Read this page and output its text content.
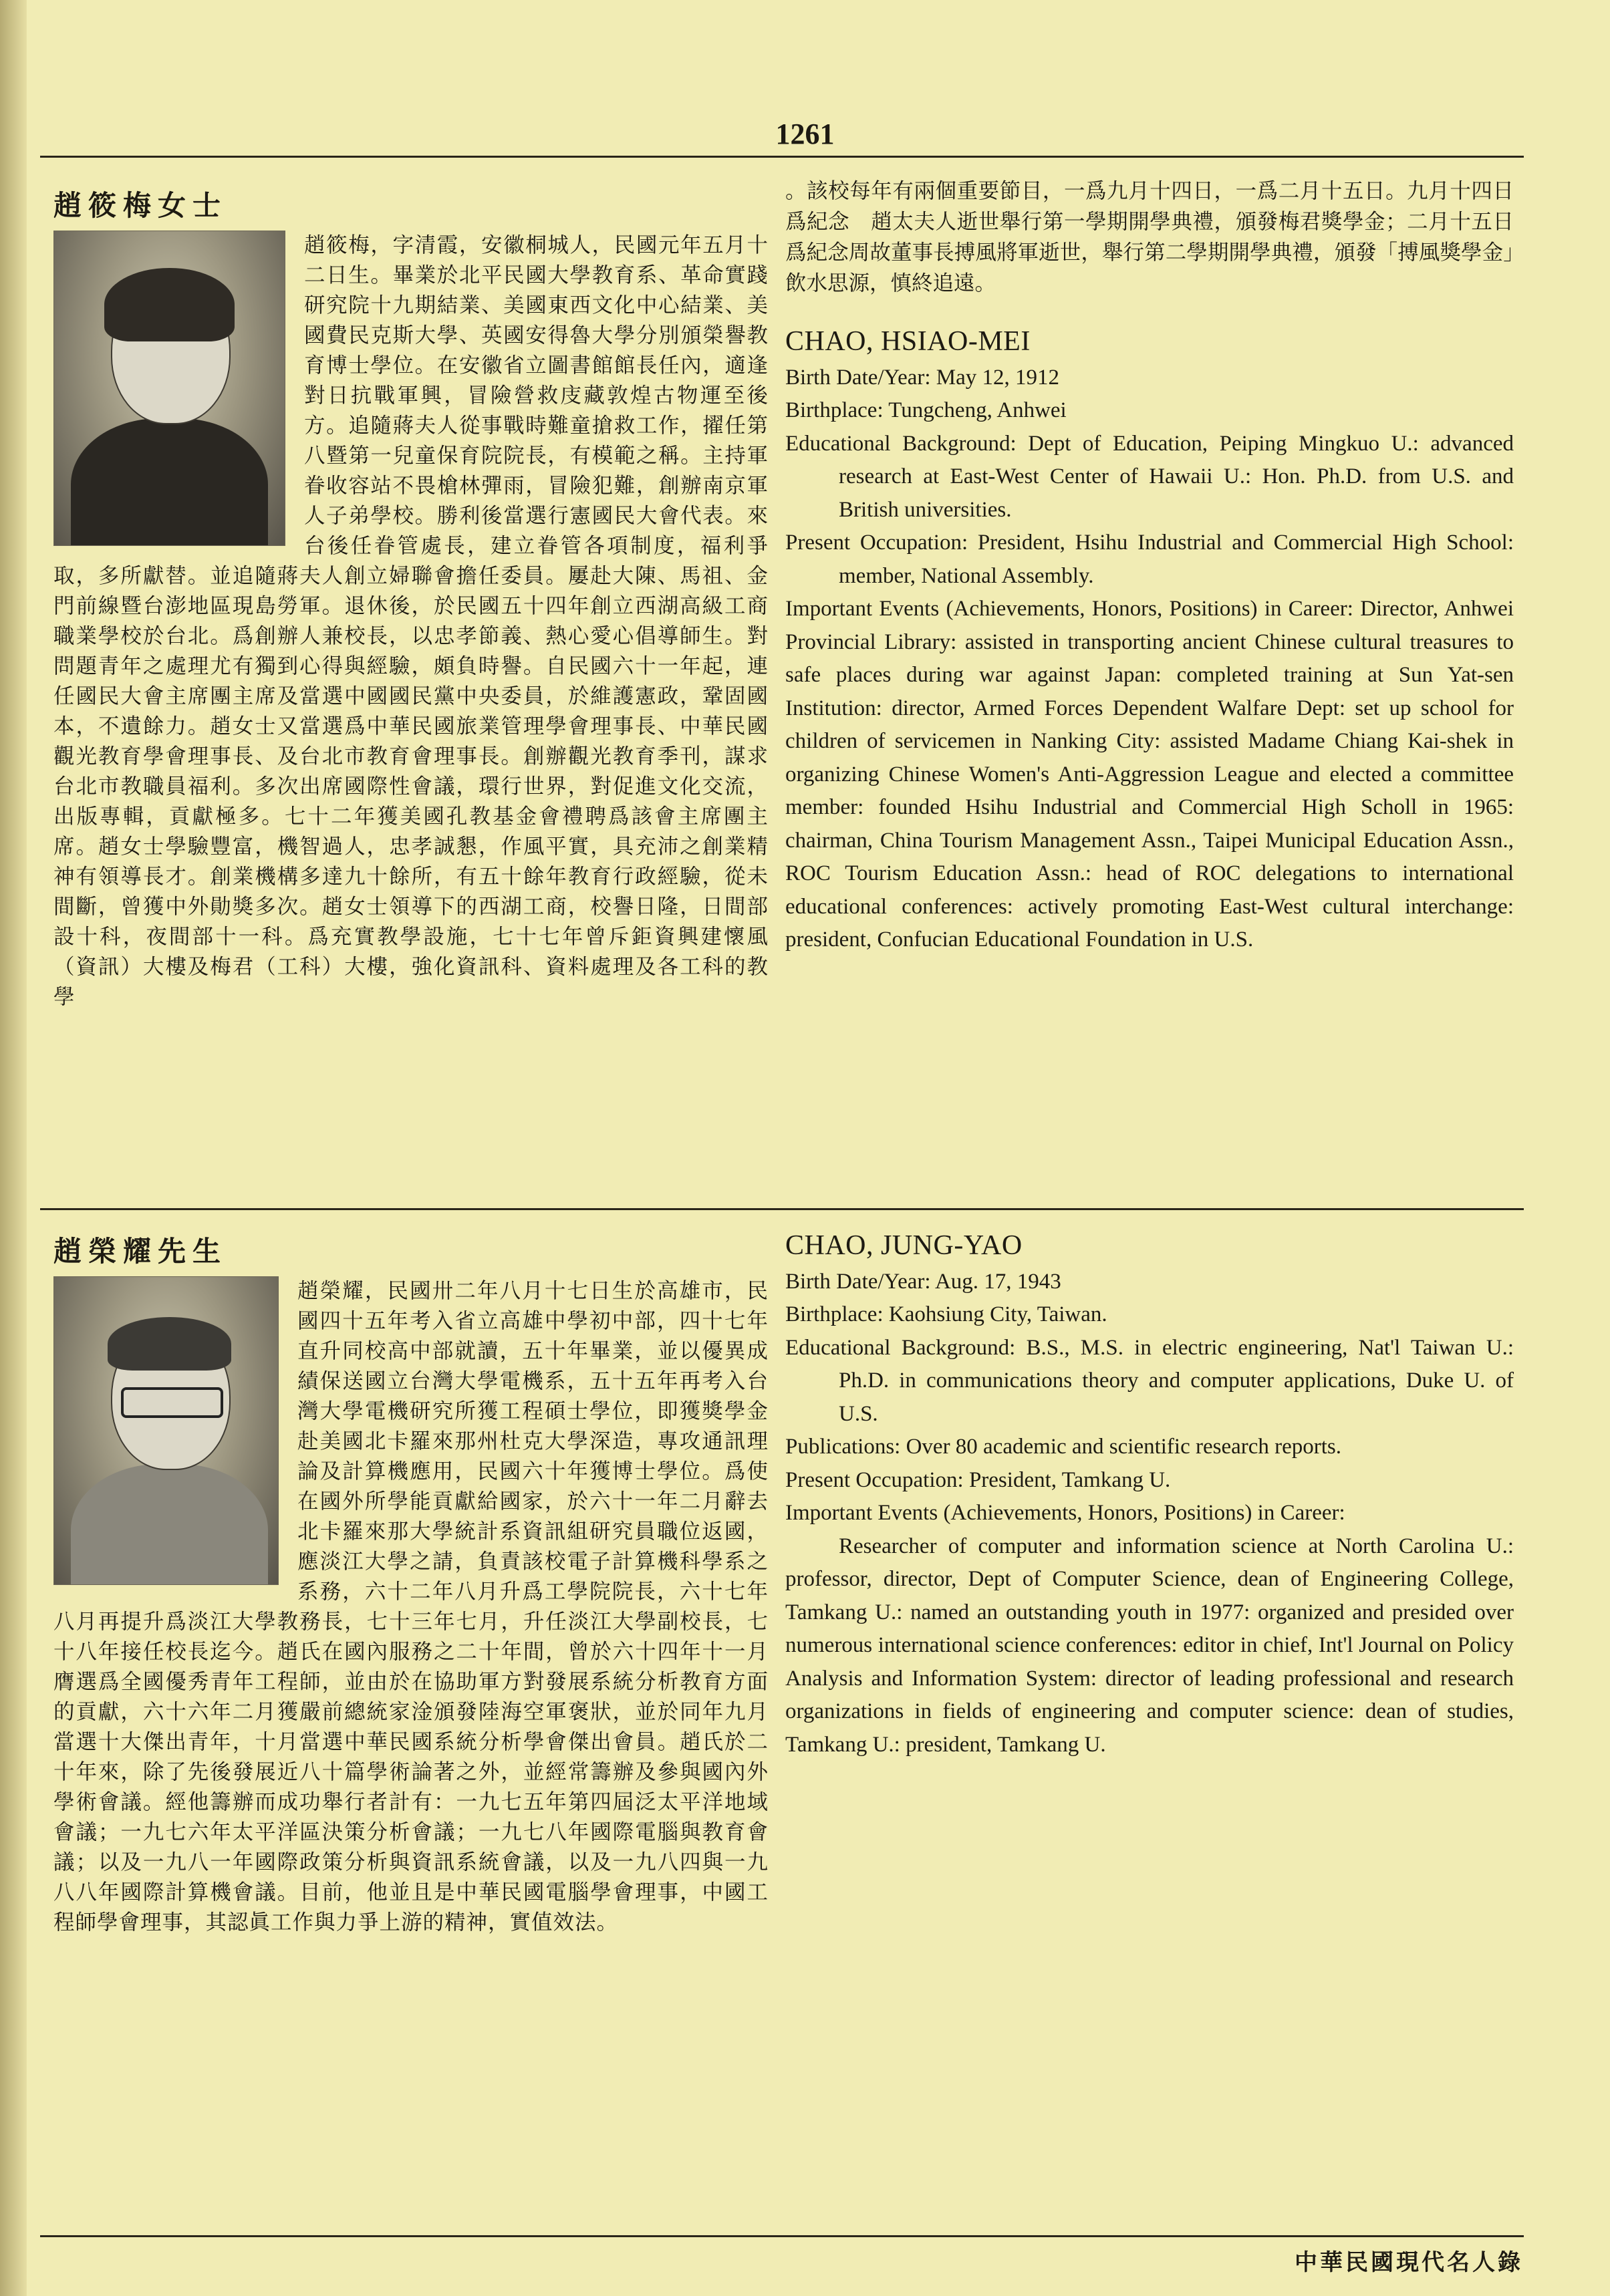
1261
趙筱梅女士

趙筱梅，字清霞，安徽桐城人，民國元年五月十二日生。畢業於北平民國大學教育系、革命實踐研究院十九期結業、美國東西文化中心結業、美國費民克斯大學、英國安得魯大學分別頒榮譽教育博士學位。在安徽省立圖書館館長任內，適逢對日抗戰軍興，冒險營救庋藏敦煌古物運至後方。追隨蔣夫人從事戰時難童搶救工作，擢任第八暨第一兒童保育院院長，有模範之稱。主持軍眷收容站不畏槍林彈雨，冒險犯難，創辦南京軍人子弟學校。勝利後當選行憲國民大會代表。來台後任眷管處長，建立眷管各項制度，福利爭取，多所獻替。並追隨蔣夫人創立婦聯會擔任委員。屢赴大陳、馬祖、金門前線暨台澎地區現島勞軍。退休後，於民國五十四年創立西湖高級工商職業學校於台北。爲創辦人兼校長，以忠孝節義、熱心愛心倡導師生。對問題青年之處理尤有獨到心得與經驗，頗負時譽。自民國六十一年起，連任國民大會主席團主席及當選中國國民黨中央委員，於維護憲政，鞏固國本，不遺餘力。趙女士又當選爲中華民國旅業管理學會理事長、中華民國觀光教育學會理事長、及台北市教育會理事長。創辦觀光教育季刊，謀求台北市教職員福利。多次出席國際性會議，環行世界，對促進文化交流，出版專輯，貢獻極多。七十二年獲美國孔教基金會禮聘爲該會主席團主席。趙女士學驗豐富，機智過人，忠孝誠懇，作風平實，具充沛之創業精神有領導長才。創業機構多達九十餘所，有五十餘年教育行政經驗，從未間斷，曾獲中外勛獎多次。趙女士領導下的西湖工商，校譽日隆，日間部設十科，夜間部十一科。爲充實教學設施，七十七年曾斥鉅資興建懷風（資訊）大樓及梅君（工科）大樓，強化資訊科、資料處理及各工科的教學

。該校每年有兩個重要節目，一爲九月十四日，一爲二月十五日。九月十四日爲紀念　趙太夫人逝世舉行第一學期開學典禮，頒發梅君獎學金；二月十五日爲紀念周故董事長搏風將軍逝世，舉行第二學期開學典禮，頒發「搏風獎學金」飲水思源，慎終追遠。

CHAO, HSIAO-MEI

Birth Date/Year: May 12, 1912

Birthplace: Tungcheng, Anhwei

Educational Background: Dept of Education, Peiping Mingkuo U.: advanced research at East-West Center of Hawaii U.: Hon. Ph.D. from U.S. and British universities.

Present Occupation: President, Hsihu Industrial and Commercial High School: member, National Assembly.

Important Events (Achievements, Honors, Positions) in Career: Director, Anhwei Provincial Library: assisted in transporting ancient Chinese cultural treasures to safe places during war against Japan: completed training at Sun Yat-sen Institution: director, Armed Forces Dependent Walfare Dept: set up school for children of servicemen in Nanking City: assisted Madame Chiang Kai-shek in organizing Chinese Women's Anti-Aggression League and elected a committee member: founded Hsihu Industrial and Commercial High Scholl in 1965: chairman, China Tourism Management Assn., Taipei Municipal Education Assn., ROC Tourism Education Assn.: head of ROC delegations to international educational conferences: actively promoting East-West cultural interchange: president, Confucian Educational Foundation in U.S.

趙榮耀先生

趙榮耀，民國卅二年八月十七日生於高雄市，民國四十五年考入省立高雄中學初中部，四十七年直升同校高中部就讀，五十年畢業，並以優異成績保送國立台灣大學電機系，五十五年再考入台灣大學電機研究所獲工程碩士學位，即獲獎學金赴美國北卡羅來那州杜克大學深造，專攻通訊理論及計算機應用，民國六十年獲博士學位。爲使在國外所學能貢獻給國家，於六十一年二月辭去北卡羅來那大學統計系資訊組研究員職位返國，應淡江大學之請，負責該校電子計算機科學系之系務，六十二年八月升爲工學院院長，六十七年八月再提升爲淡江大學教務長，七十三年七月，升任淡江大學副校長，七十八年接任校長迄今。趙氏在國內服務之二十年間，曾於六十四年十一月膺選爲全國優秀青年工程師，並由於在協助軍方對發展系統分析教育方面的貢獻，六十六年二月獲嚴前總統家淦頒發陸海空軍褒狀，並於同年九月當選十大傑出青年，十月當選中華民國系統分析學會傑出會員。趙氏於二十年來，除了先後發展近八十篇學術論著之外，並經常籌辦及參與國內外學術會議。經他籌辦而成功舉行者計有：一九七五年第四屆泛太平洋地域會議；一九七六年太平洋區決策分析會議；一九七八年國際電腦與教育會議；以及一九八一年國際政策分析與資訊系統會議，以及一九八四與一九八八年國際計算機會議。目前，他並且是中華民國電腦學會理事，中國工程師學會理事，其認眞工作與力爭上游的精神，實值效法。

CHAO, JUNG-YAO

Birth Date/Year: Aug. 17, 1943

Birthplace: Kaohsiung City, Taiwan.

Educational Background: B.S., M.S. in electric engineering, Nat'l Taiwan U.: Ph.D. in communications theory and computer applications, Duke U. of U.S.

Publications: Over 80 academic and scientific research reports.

Present Occupation: President, Tamkang U.

Important Events (Achievements, Honors, Positions) in Career:

Researcher of computer and information science at North Carolina U.: professor, director, Dept of Computer Science, dean of Engineering College, Tamkang U.: named an outstanding youth in 1977: organized and presided over numerous international science conferences: editor in chief, Int'l Journal on Policy Analysis and Information System: director of leading professional and research organizations in fields of engineering and computer science: dean of studies, Tamkang U.: president, Tamkang U.

中華民國現代名人錄
